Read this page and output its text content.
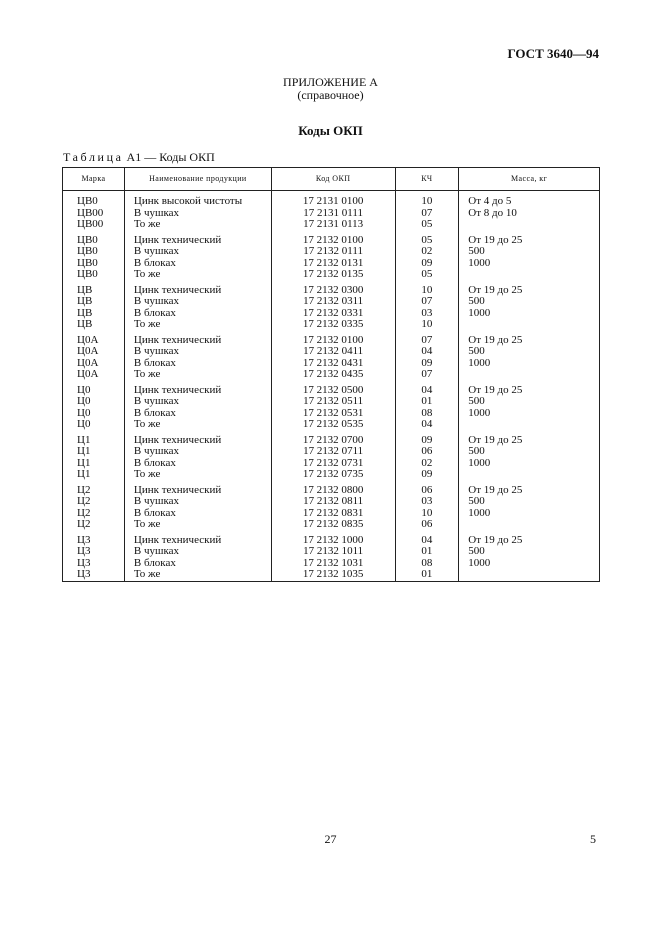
ГОСТ 3640—94
ПРИЛОЖЕНИЕ А
(справочное)
Коды ОКП
Таблица А1 — Коды ОКП
Марка	Наименование продукции	Код ОКП	КЧ	Масса, кг
ЦВ0	Цинк высокой чистоты	17 2131 0100	10	От 4 до 5
ЦВ00	В чушках	17 2131 0111	07	От 8 до 10
ЦВ00	То же	17 2131 0113	05	
ЦВ0	Цинк технический	17 2132 0100	05	От 19 до 25
ЦВ0	В чушках	17 2132 0111	02	500
ЦВ0	В блоках	17 2132 0131	09	1000
ЦВ0	То же	17 2132 0135	05	
ЦВ	Цинк технический	17 2132 0300	10	От 19 до 25
ЦВ	В чушках	17 2132 0311	07	500
ЦВ	В блоках	17 2132 0331	03	1000
ЦВ	То же	17 2132 0335	10	
Ц0А	Цинк технический	17 2132 0100	07	От 19 до 25
Ц0А	В чушках	17 2132 0411	04	500
Ц0А	В блоках	17 2132 0431	09	1000
Ц0А	То же	17 2132 0435	07	
Ц0	Цинк технический	17 2132 0500	04	От 19 до 25
Ц0	В чушках	17 2132 0511	01	500
Ц0	В блоках	17 2132 0531	08	1000
Ц0	То же	17 2132 0535	04	
Ц1	Цинк технический	17 2132 0700	09	От 19 до 25
Ц1	В чушках	17 2132 0711	06	500
Ц1	В блоках	17 2132 0731	02	1000
Ц1	То же	17 2132 0735	09	
Ц2	Цинк технический	17 2132 0800	06	От 19 до 25
Ц2	В чушках	17 2132 0811	03	500
Ц2	В блоках	17 2132 0831	10	1000
Ц2	То же	17 2132 0835	06	
Ц3	Цинк технический	17 2132 1000	04	От 19 до 25
Ц3	В чушках	17 2132 1011	01	500
Ц3	В блоках	17 2132 1031	08	1000
Ц3	То же	17 2132 1035	01	
27	5
